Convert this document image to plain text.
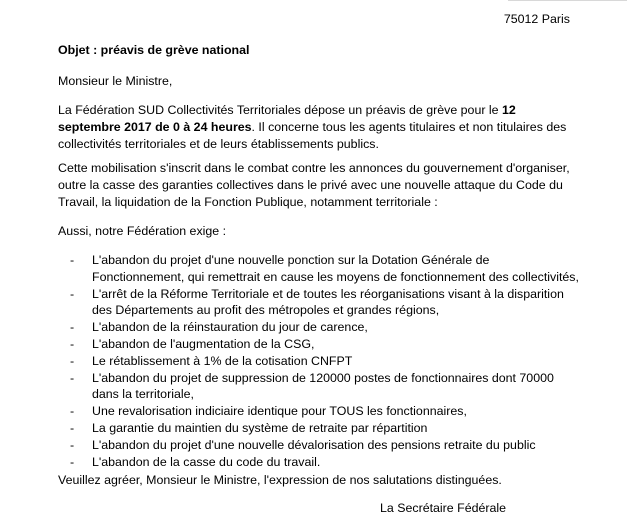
75012 Paris
Objet : préavis de grève national
Monsieur le Ministre,

La Fédération SUD Collectivités Territoriales dépose un préavis de grève pour le 12 septembre 2017 de 0 à 24 heures. Il concerne tous les agents titulaires et non titulaires des collectivités territoriales et de leurs établissements publics.

Cette mobilisation s'inscrit dans le combat contre les annonces du gouvernement d'organiser, outre la casse des garanties collectives dans le privé avec une nouvelle attaque du Code du Travail, la liquidation de la Fonction Publique, notamment territoriale :

Aussi, notre Fédération exige :

- L'abandon du projet d'une nouvelle ponction sur la Dotation Générale de Fonctionnement, qui remettrait en cause les moyens de fonctionnement des collectivités,
- L'arrêt de la Réforme Territoriale et de toutes les réorganisations visant à la disparition des Départements au profit des métropoles et grandes régions,
- L'abandon de la réinstauration du jour de carence,
- L'abandon de l'augmentation de la CSG,
- Le rétablissement à 1% de la cotisation CNFPT
- L'abandon du projet de suppression de 120000 postes de fonctionnaires dont 70000 dans la territoriale,
- Une revalorisation indiciaire identique pour TOUS les fonctionnaires,
- La garantie du maintien du système de retraite par répartition
- L'abandon du projet d'une nouvelle dévalorisation des pensions retraite du public
- L'abandon de la casse du code du travail.
Veuillez agréer, Monsieur le Ministre, l'expression de nos salutations distinguées.
La Secrétaire Fédérale
